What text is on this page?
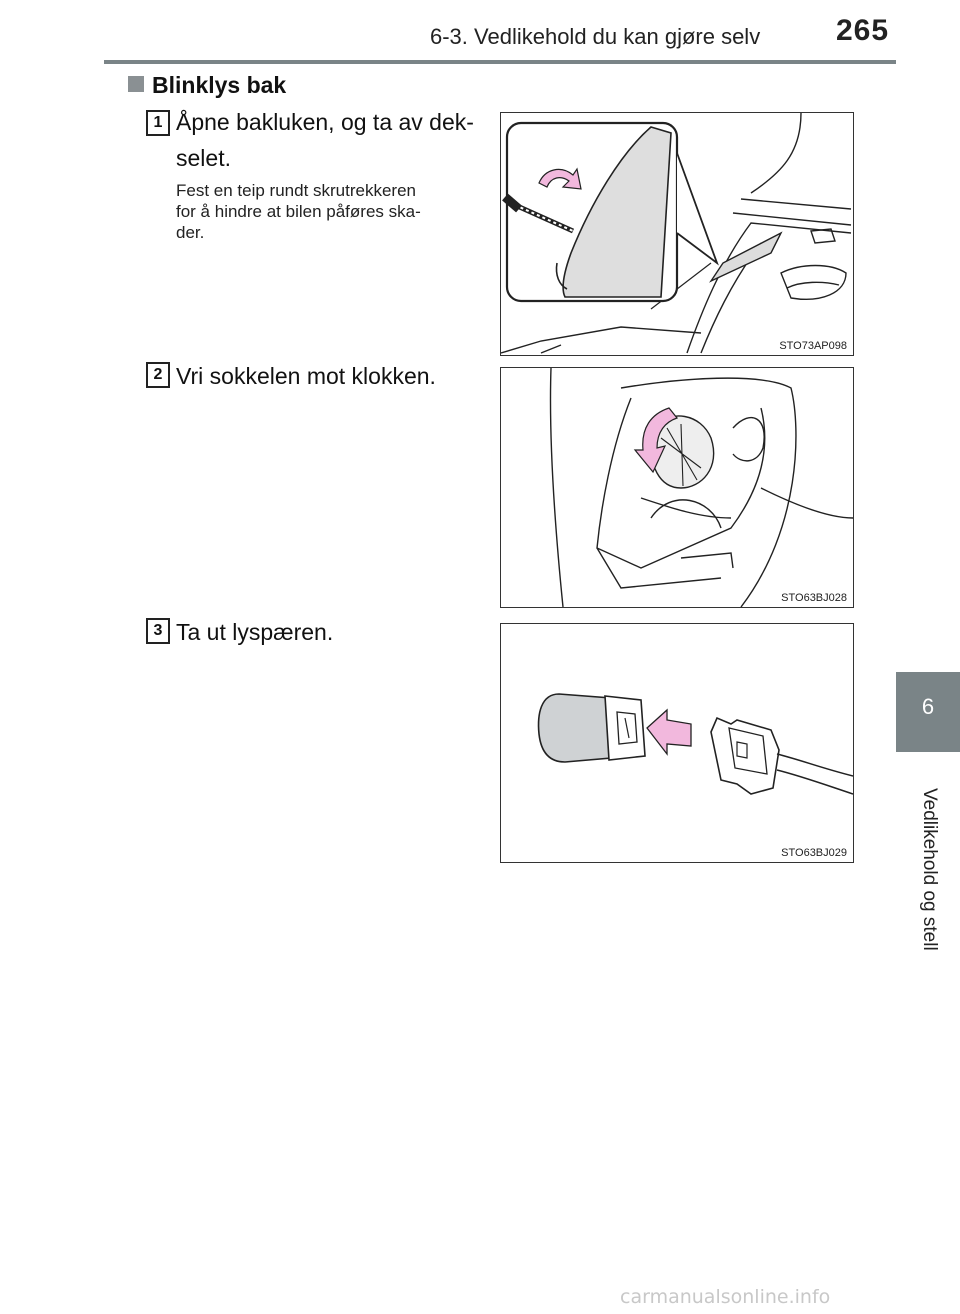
6-3. Vedlikehold du kan gjøre selv	265
6
Vedlikehold og stell
Blinklys bak
1 Åpne bakluken, og ta av dek-
selet.
Fest en teip rundt skrutrekkeren
for å hindre at bilen påføres ska-
der.
STO73AP098
2 Vri sokkelen mot klokken.
STO63BJ028
3 Ta ut lyspæren.
STO63BJ029
carmanualsonline.info
